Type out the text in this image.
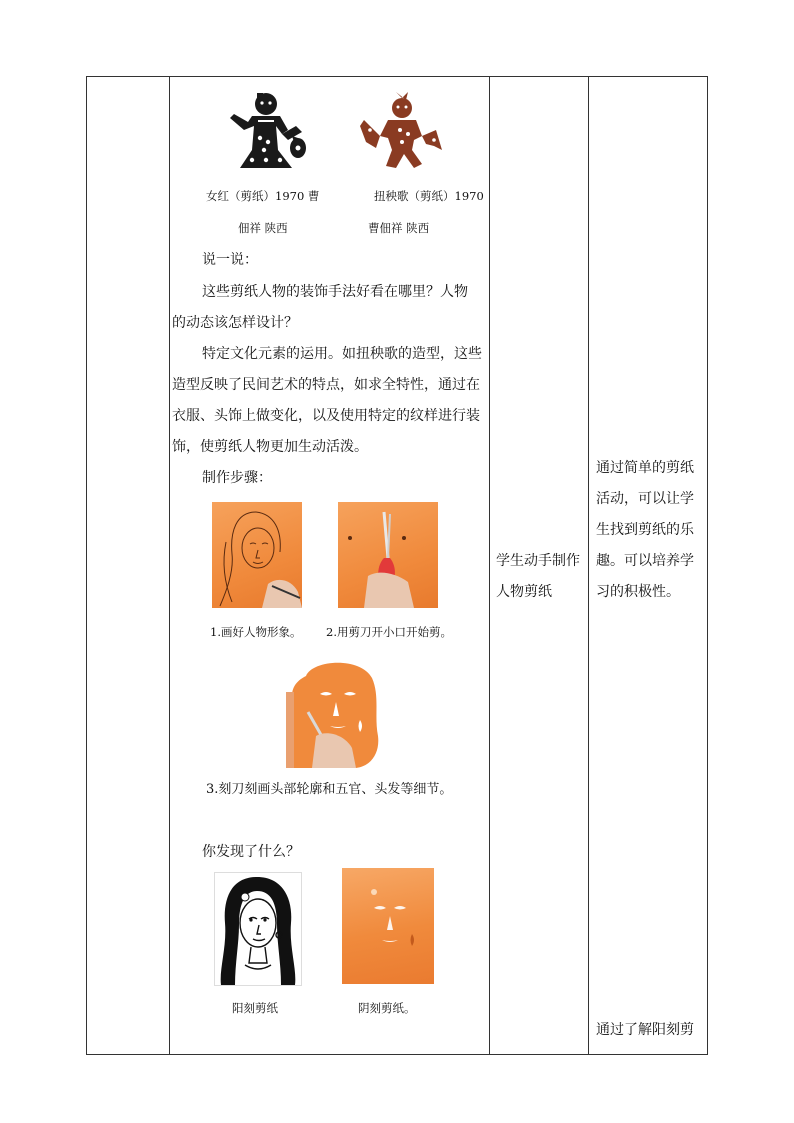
女红（剪纸）1970 曹
佃祥 陕西
扭秧歌（剪纸）1970
曹佃祥 陕西
说一说：
这些剪纸人物的装饰手法好看在哪里？人物
的动态该怎样设计？
特定文化元素的运用。如扭秧歌的造型，这些
造型反映了民间艺术的特点，如求全特性，通过在
衣服、头饰上做变化，以及使用特定的纹样进行装
饰，使剪纸人物更加生动活泼。
制作步骤：
1.画好人物形象。 2.用剪刀开小口开始剪。
3.刻刀刻画头部轮廓和五官、头发等细节。
你发现了什么？
阳刻剪纸	阴刻剪纸。
学生动手制作
人物剪纸
通过简单的剪纸
活动，可以让学
生找到剪纸的乐
趣。可以培养学
习的积极性。
通过了解阳刻剪
